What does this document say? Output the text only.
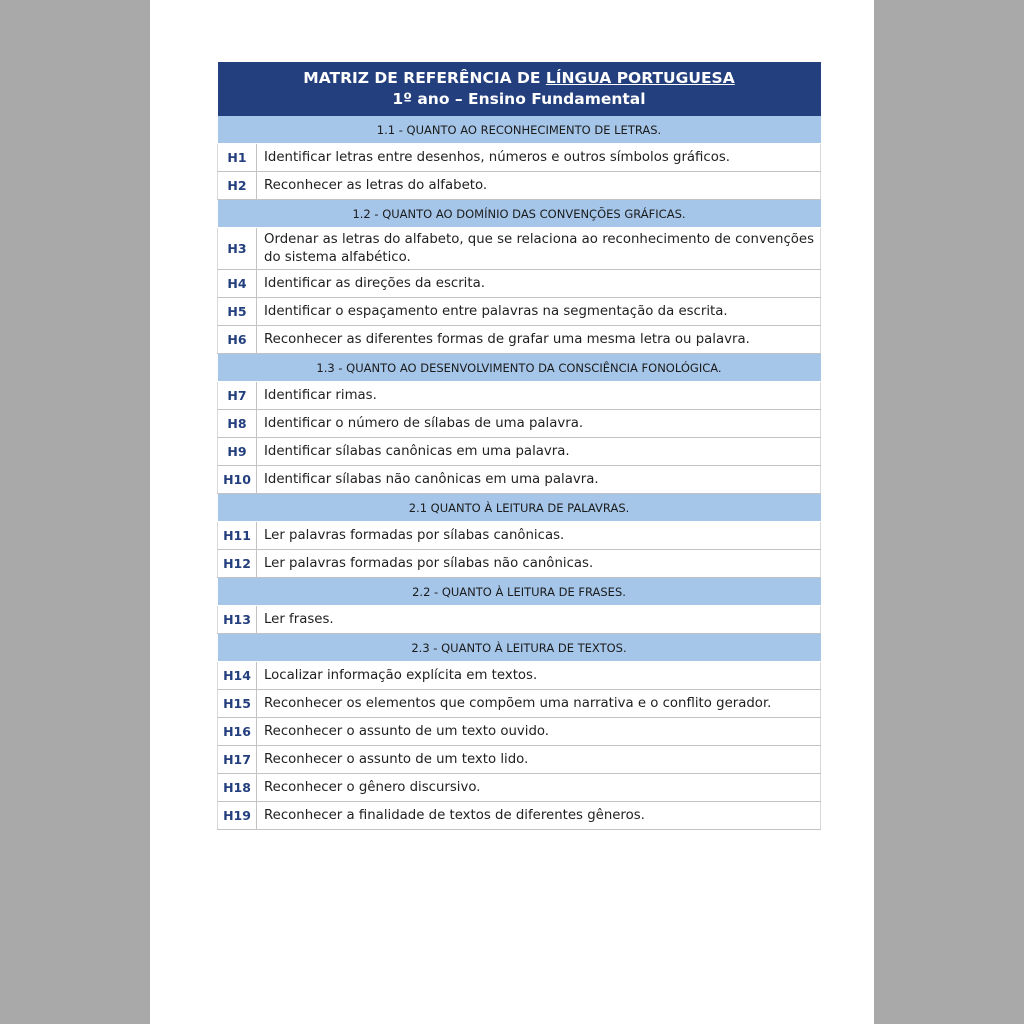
MATRIZ DE REFERÊNCIA DE LÍNGUA PORTUGUESA
1º ano – Ensino Fundamental	

1.1 - QUANTO AO RECONHECIMENTO DE LETRAS.	
H1	Identificar letras entre desenhos, números e outros símbolos gráficos.
H2	Reconhecer as letras do alfabeto.
1.2 - QUANTO AO DOMÍNIO DAS CONVENÇÕES GRÁFICAS.	
H3	Ordenar as letras do alfabeto, que se relaciona ao reconhecimento de convenções do sistema alfabético.
H4	Identificar as direções da escrita.
H5	Identificar o espaçamento entre palavras na segmentação da escrita.
H6	Reconhecer as diferentes formas de grafar uma mesma letra ou palavra.
1.3 - QUANTO AO DESENVOLVIMENTO DA CONSCIÊNCIA FONOLÓGICA.	
H7	Identificar rimas.
H8	Identificar o número de sílabas de uma palavra.
H9	Identificar sílabas canônicas em uma palavra.
H10	Identificar sílabas não canônicas em uma palavra.
2.1 QUANTO À LEITURA DE PALAVRAS.	
H11	Ler palavras formadas por sílabas canônicas.
H12	Ler palavras formadas por sílabas não canônicas.
2.2 - QUANTO À LEITURA DE FRASES.	
H13	Ler frases.
2.3 - QUANTO À LEITURA DE TEXTOS.	
H14	Localizar informação explícita em textos.
H15	Reconhecer os elementos que compõem uma narrativa e o conflito gerador.
H16	Reconhecer o assunto de um texto ouvido.
H17	Reconhecer o assunto de um texto lido.
H18	Reconhecer o gênero discursivo.
H19	Reconhecer a finalidade de textos de diferentes gêneros.
